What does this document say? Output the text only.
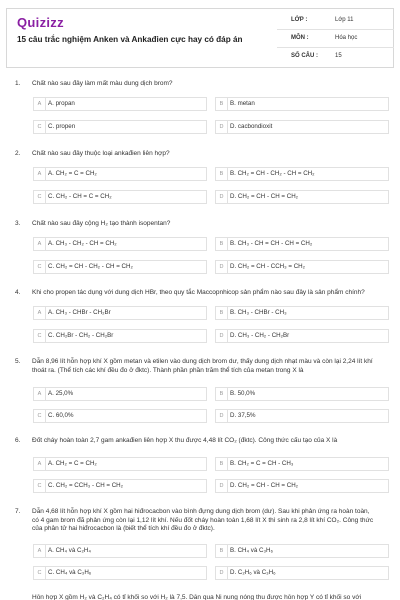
Quizizz
15 câu trắc nghiệm Anken và Ankađien cực hay có đáp án
LỚP :	Lớp 11
MÔN :	Hóa học
SỐ CÂU :	15
1. Chất nào sau đây làm mất màu dung dịch brom?
A	A. propan	B	B. metan
C	C. propen	D	D. cacbondioxit
2. Chất nào sau đây thuộc loại ankađien liên hợp?
A	A. CH₂ = C = CH₂	B	B. CH₂ = CH - CH₂ - CH = CH₂
C	C. CH₂ - CH = C = CH₂	D	D. CH₂ = CH - CH = CH₂
3. Chất nào sau đây cộng H₂ tạo thành isopentan?
A	A. CH₃ - CH₂ - CH = CH₂	B	B. CH₃ - CH = CH - CH = CH₂
C	C. CH₂ = CH - CH₂ - CH = CH₂	D	D. CH₂ = CH - CCH₃ = CH₂
4. Khi cho propen tác dụng với dung dịch HBr, theo quy tắc Maccopnhicop sản phẩm nào sau đây là sản phẩm chính?
A	A. CH₃ - CHBr - CH₂Br	B	B. CH₃ - CHBr - CH₃
C	C. CH₂Br - CH₂ - CH₂Br	D	D. CH₃ - CH₂ - CH₂Br
5. Dẫn 8,96 lít hỗn hợp khí X gồm metan và etilen vào dung dịch brom dư, thấy dung dịch nhạt màu và còn lại 2,24 lít khí thoát ra. (Thể tích các khí đều đo ở đktc). Thành phần phần trăm thể tích của metan trong X là
A	A. 25,0%	B	B. 50,0%
C	C. 60,0%	D	D. 37,5%
6. Đốt cháy hoàn toàn 2,7 gam ankađien liên hợp X thu được 4,48 lít CO₂ (đktc). Công thức cấu tạo của X là
A	A. CH₂ = C = CH₂	B	B. CH₂ = C = CH - CH₃
C	C. CH₂ = CCH₃ - CH = CH₂	D	D. CH₂ = CH - CH = CH₂
7. Dẫn 4,68 lít hỗn hợp khí X gồm hai hiđrocacbon vào bình đựng dung dịch brom (dư). Sau khi phản ứng ra hoàn toàn, có 4 gam brom đã phản ứng còn lại 1,12 lít khí. Nếu đốt cháy hoàn toàn 1,68 lít X thì sinh ra 2,8 lít khí CO₂. Công thức của phân tử hai hiđrocacbon là (biết thể tích khí đều đo ở đktc).
A	A. CH₄ và C₂H₄	B	B. CH₄ và C₃H₆
C	C. CH₄ và C₃H₆	D	D. C₂H₆ và C₃H₆
Hỗn hợp X gồm H₂ và C₂H₄ có tỉ khối so với H₂ là 7,5. Dẫn qua Ni nung nóng thu được hỗn hợp Y có tỉ khối so với
